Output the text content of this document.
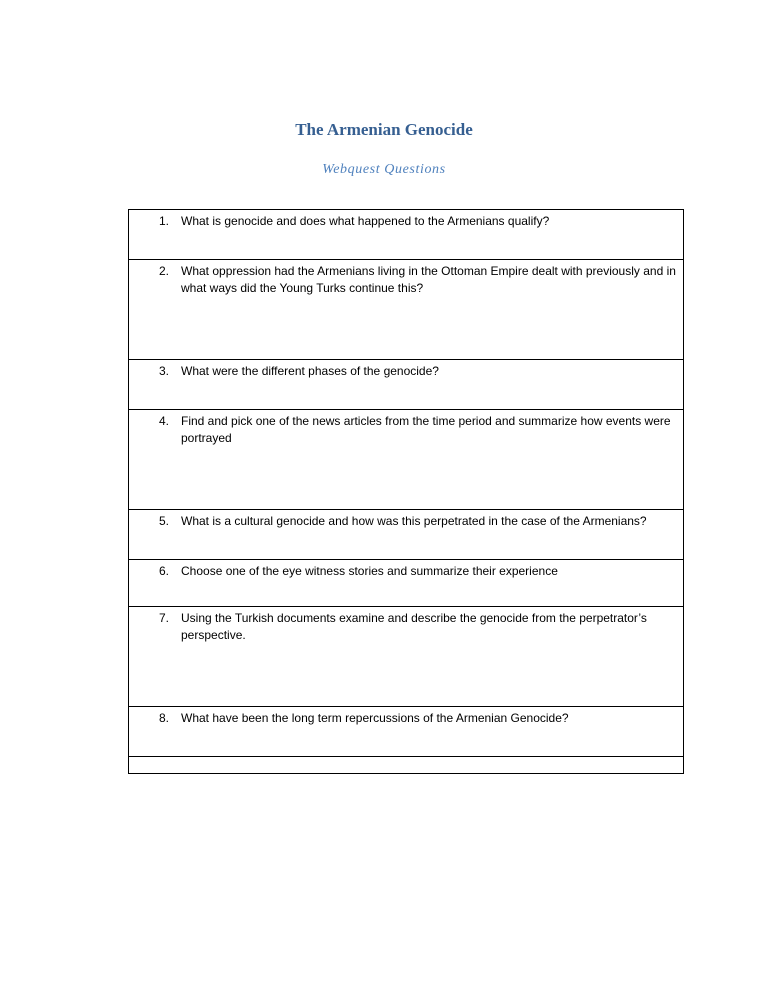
The Armenian Genocide
Webquest Questions
1.	What is genocide and does what happened to the Armenians qualify?

2.	What oppression had the Armenians living in the Ottoman Empire dealt with previously and in what ways did the Young Turks continue this?

3.	What were the different phases of the genocide?

4.	Find and pick one of the news articles from the time period and summarize how events were portrayed

5.	What is a cultural genocide and how was this perpetrated in the case of the Armenians?

6.	Choose one of the eye witness stories and summarize their experience

7.	Using the Turkish documents examine and describe the genocide from the perpetrator’s perspective.

8.	What have been the long term repercussions of the Armenian Genocide?
